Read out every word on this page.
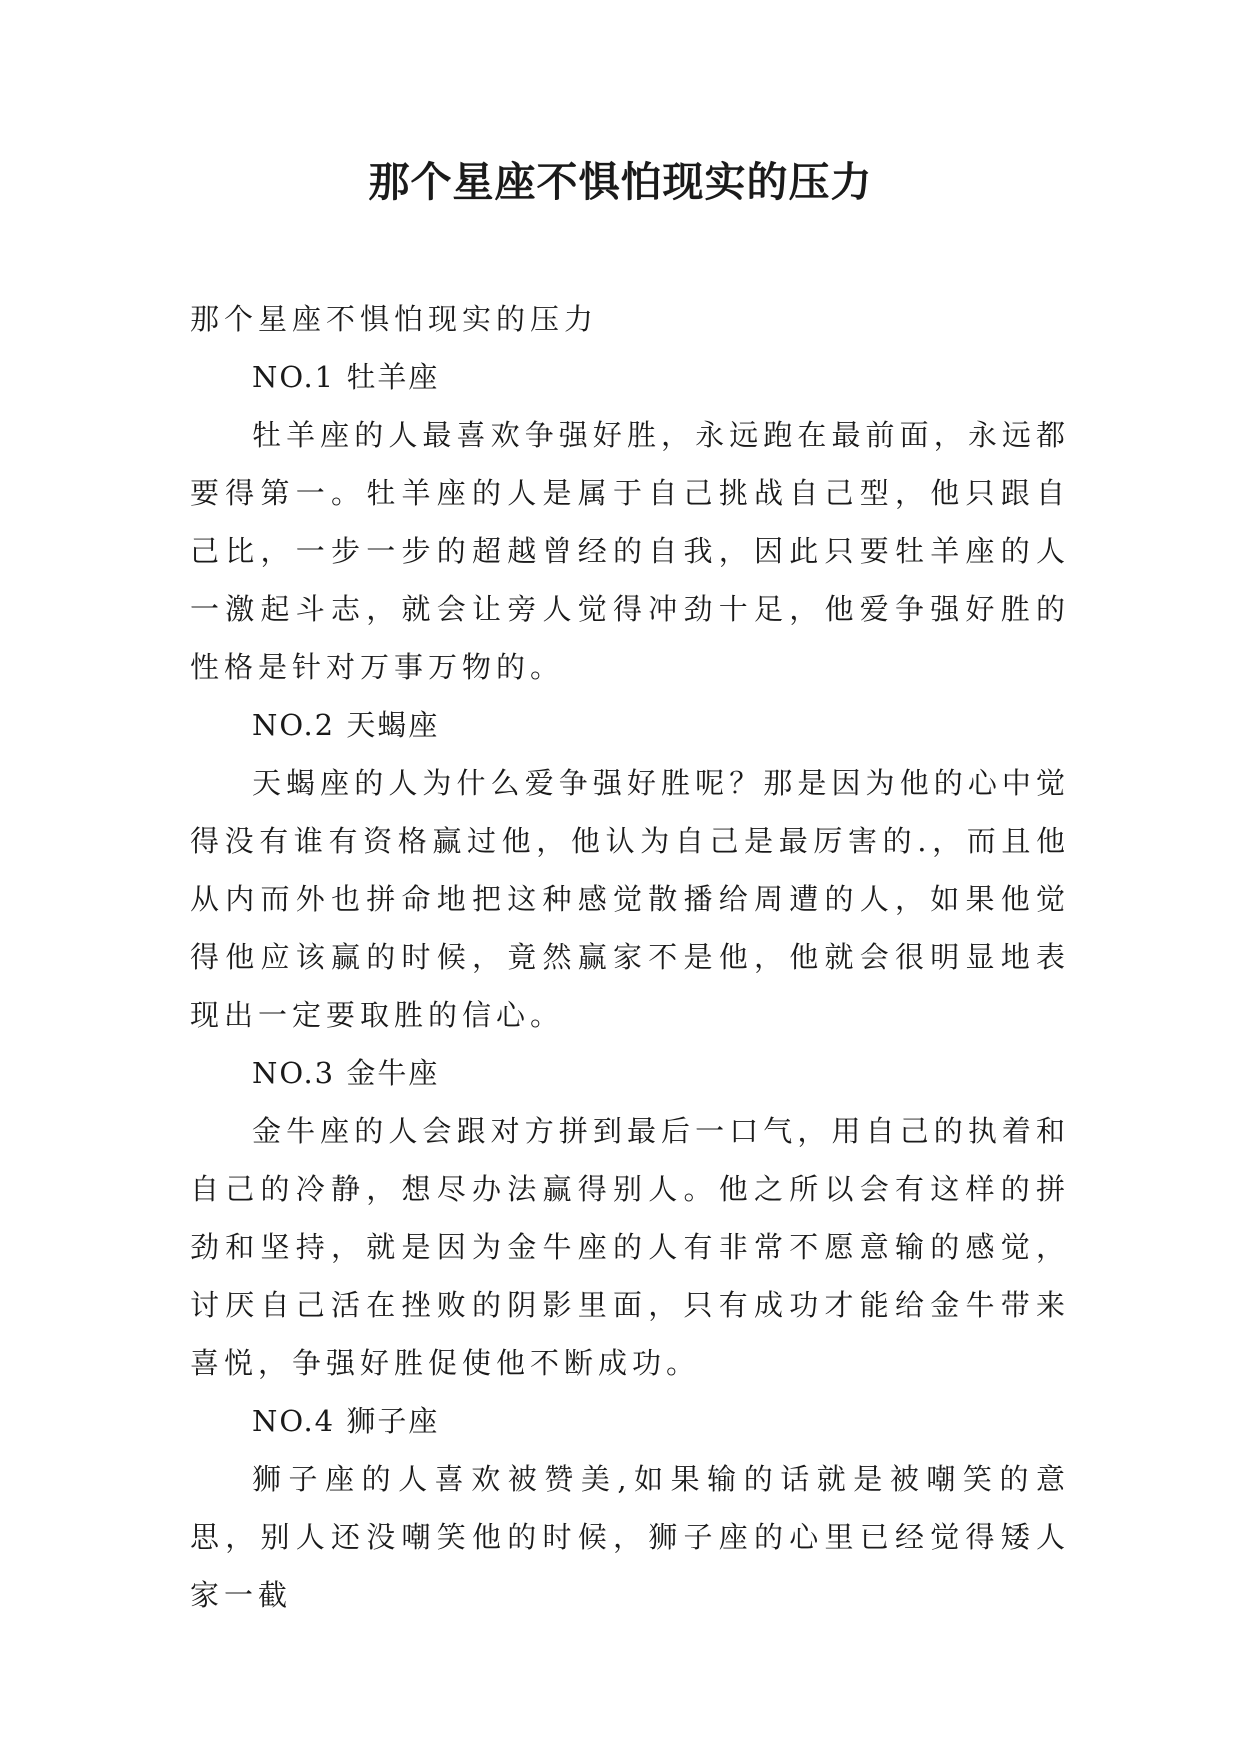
那个星座不惧怕现实的压力

那个星座不惧怕现实的压力

NO.1 牡羊座

牡羊座的人最喜欢争强好胜，永远跑在最前面，永远都要得第一。牡羊座的人是属于自己挑战自己型，他只跟自己比，一步一步的超越曾经的自我，因此只要牡羊座的人一激起斗志，就会让旁人觉得冲劲十足，他爱争强好胜的性格是针对万事万物的。

NO.2 天蝎座

天蝎座的人为什么爱争强好胜呢？那是因为他的心中觉得没有谁有资格赢过他，他认为自己是最厉害的.，而且他从内而外也拼命地把这种感觉散播给周遭的人，如果他觉得他应该赢的时候，竟然赢家不是他，他就会很明显地表现出一定要取胜的信心。

NO.3 金牛座

金牛座的人会跟对方拼到最后一口气，用自己的执着和自己的冷静，想尽办法赢得别人。他之所以会有这样的拼劲和坚持，就是因为金牛座的人有非常不愿意输的感觉，讨厌自己活在挫败的阴影里面，只有成功才能给金牛带来喜悦，争强好胜促使他不断成功。

NO.4 狮子座

狮子座的人喜欢被赞美,如果输的话就是被嘲笑的意思，别人还没嘲笑他的时候，狮子座的心里已经觉得矮人家一截
